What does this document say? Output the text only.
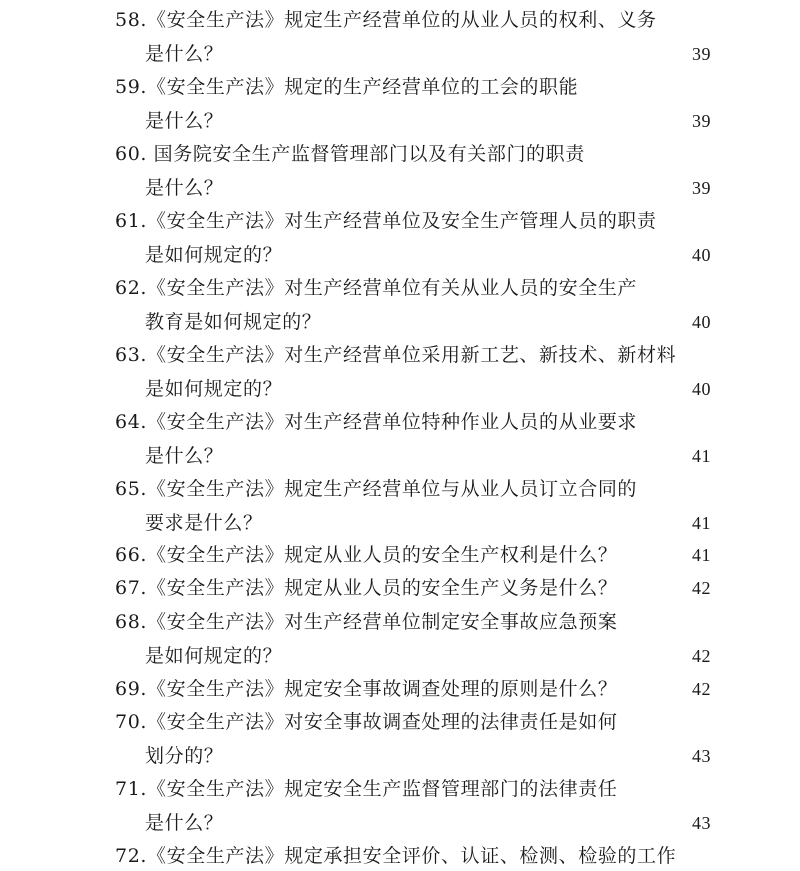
58.《安全生产法》规定生产经营单位的从业人员的权利、义务
是什么？	39
59.《安全生产法》规定的生产经营单位的工会的职能
是什么？	39
60. 国务院安全生产监督管理部门以及有关部门的职责
是什么？	39
61.《安全生产法》对生产经营单位及安全生产管理人员的职责
是如何规定的？	40
62.《安全生产法》对生产经营单位有关从业人员的安全生产
教育是如何规定的？	40
63.《安全生产法》对生产经营单位采用新工艺、新技术、新材料
是如何规定的？	40
64.《安全生产法》对生产经营单位特种作业人员的从业要求
是什么？	41
65.《安全生产法》规定生产经营单位与从业人员订立合同的
要求是什么？	41
66.《安全生产法》规定从业人员的安全生产权利是什么？	41
67.《安全生产法》规定从业人员的安全生产义务是什么？	42
68.《安全生产法》对生产经营单位制定安全事故应急预案
是如何规定的？	42
69.《安全生产法》规定安全事故调查处理的原则是什么？	42
70.《安全生产法》对安全事故调查处理的法律责任是如何
划分的？	43
71.《安全生产法》规定安全生产监督管理部门的法律责任
是什么？	43
72.《安全生产法》规定承担安全评价、认证、检测、检验的工作
